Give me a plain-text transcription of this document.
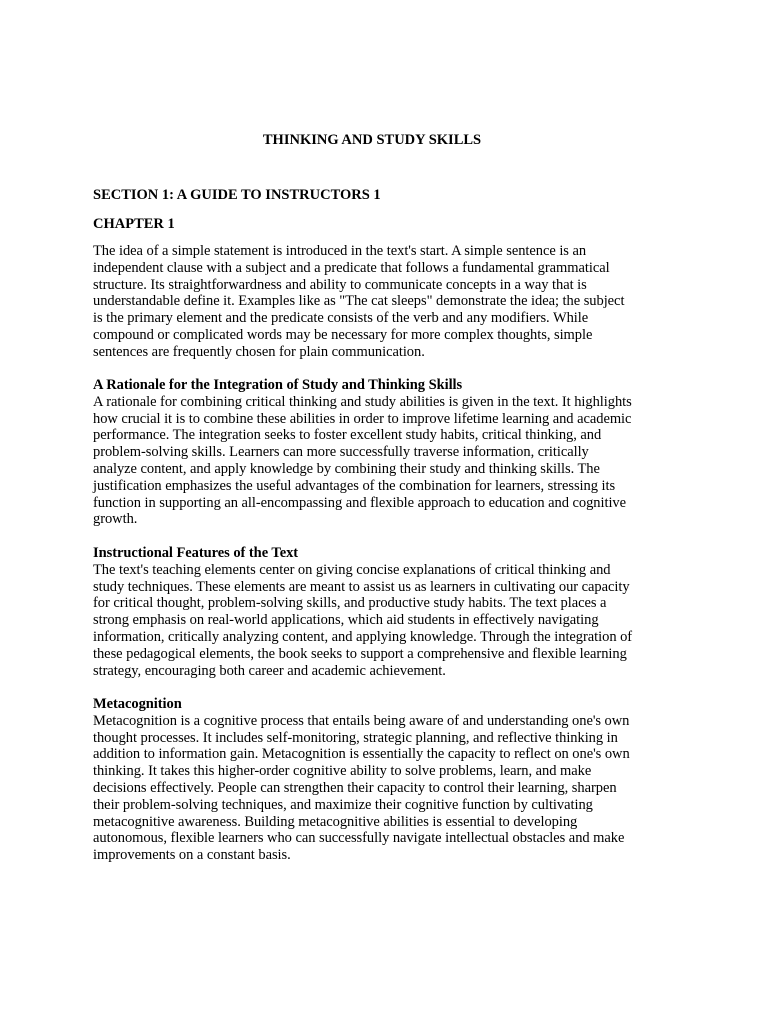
THINKING AND STUDY SKILLS
SECTION 1: A GUIDE TO INSTRUCTORS 1
CHAPTER 1

The idea of a simple statement is introduced in the text's start. A simple sentence is an
independent clause with a subject and a predicate that follows a fundamental grammatical
structure. Its straightforwardness and ability to communicate concepts in a way that is
understandable define it. Examples like as "The cat sleeps" demonstrate the idea; the subject
is the primary element and the predicate consists of the verb and any modifiers. While
compound or complicated words may be necessary for more complex thoughts, simple
sentences are frequently chosen for plain communication.

A Rationale for the Integration of Study and Thinking Skills
A rationale for combining critical thinking and study abilities is given in the text. It highlights
how crucial it is to combine these abilities in order to improve lifetime learning and academic
performance. The integration seeks to foster excellent study habits, critical thinking, and
problem-solving skills. Learners can more successfully traverse information, critically
analyze content, and apply knowledge by combining their study and thinking skills. The
justification emphasizes the useful advantages of the combination for learners, stressing its
function in supporting an all-encompassing and flexible approach to education and cognitive
growth.
Instructional Features of the Text
The text's teaching elements center on giving concise explanations of critical thinking and
study techniques. These elements are meant to assist us as learners in cultivating our capacity
for critical thought, problem-solving skills, and productive study habits. The text places a
strong emphasis on real-world applications, which aid students in effectively navigating
information, critically analyzing content, and applying knowledge. Through the integration of
these pedagogical elements, the book seeks to support a comprehensive and flexible learning
strategy, encouraging both career and academic achievement.
Metacognition
Metacognition is a cognitive process that entails being aware of and understanding one's own
thought processes. It includes self-monitoring, strategic planning, and reflective thinking in
addition to information gain. Metacognition is essentially the capacity to reflect on one's own
thinking. It takes this higher-order cognitive ability to solve problems, learn, and make
decisions effectively. People can strengthen their capacity to control their learning, sharpen
their problem-solving techniques, and maximize their cognitive function by cultivating
metacognitive awareness. Building metacognitive abilities is essential to developing
autonomous, flexible learners who can successfully navigate intellectual obstacles and make
improvements on a constant basis.
